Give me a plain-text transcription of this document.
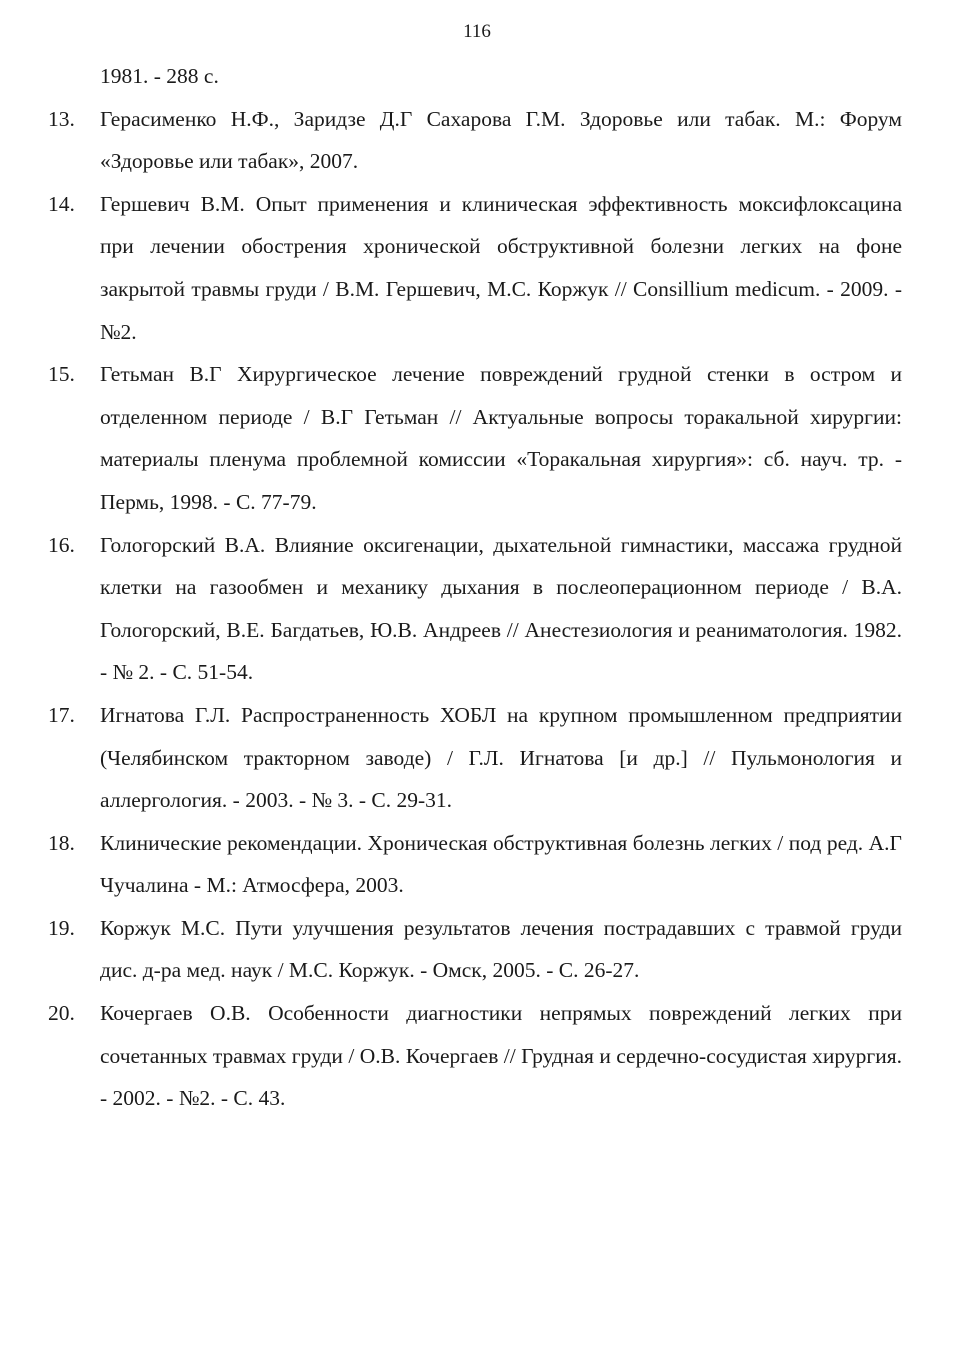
116
1981. - 288 с.
13.	Герасименко Н.Ф., Заридзе Д.Г Сахарова Г.М. Здоровье или табак. М.: Форум «Здоровье или табак», 2007.
14.	Гершевич В.М. Опыт применения и клиническая эффективность моксифлоксацина при лечении обострения хронической обструктивной болезни легких на фоне закрытой травмы груди / В.М. Гершевич, М.С. Коржук // Consillium medicum. - 2009. - №2.
15.	Гетьман В.Г Хирургическое лечение повреждений грудной стенки в остром и отделенном периоде / В.Г Гетьман // Актуальные вопросы торакальной хирургии: материалы пленума проблемной комиссии «Торакальная хирургия»: сб. науч. тр. - Пермь, 1998. - С. 77-79.
16.	Гологорский В.А. Влияние оксигенации, дыхательной гимнастики, массажа грудной клетки на газообмен и механику дыхания в послеоперационном периоде / В.А. Гологорский, В.Е. Багдатьев, Ю.В. Андреев // Анестезиология и реаниматология. 1982. - № 2. - С. 51-54.
17.	Игнатова Г.Л. Распространенность ХОБЛ на крупном промышленном предприятии (Челябинском тракторном заводе) / Г.Л. Игнатова [и др.] // Пульмонология и аллергология. - 2003. - № 3. - С. 29-31.
18.	Клинические рекомендации. Хроническая обструктивная болезнь легких / под ред. А.Г Чучалина - М.: Атмосфера, 2003.
19.	Коржук М.С. Пути улучшения результатов лечения пострадавших с травмой груди дис. д-ра мед. наук / М.С. Коржук. - Омск, 2005. - С. 26-27.
20.	Кочергаев О.В. Особенности диагностики непрямых повреждений легких при сочетанных травмах груди / О.В. Кочергаев // Грудная и сердечно-сосудистая хирургия. - 2002. - №2. - С. 43.
